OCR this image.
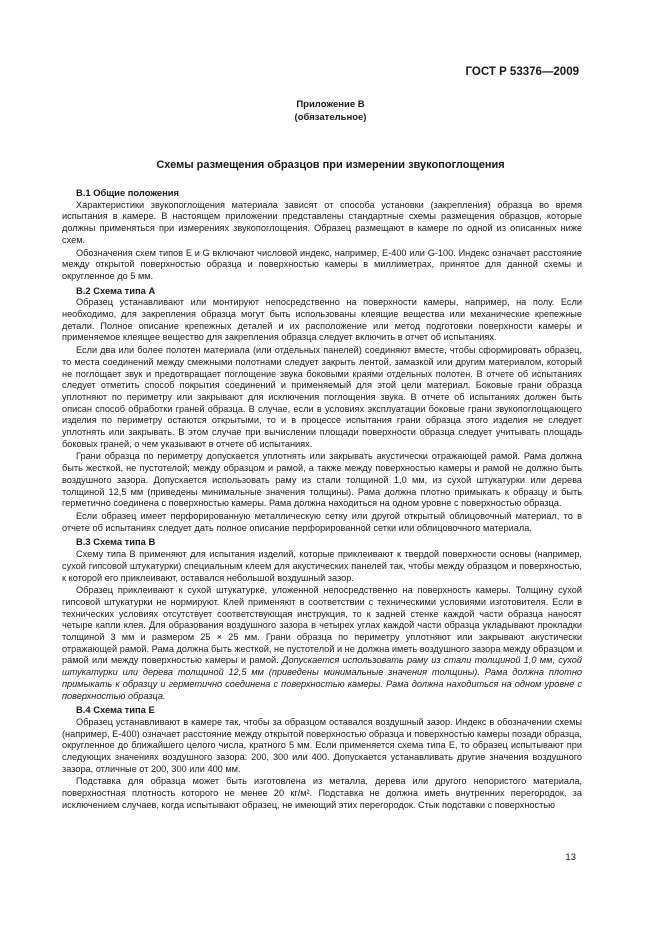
ГОСТ Р 53376—2009
Приложение В
(обязательное)
Схемы размещения образцов при измерении звукопоглощения
В.1 Общие положения

Характеристики звукопоглощения материала зависят от способа установки (закрепления) образца во время испытания в камере. В настоящем приложении представлены стандартные схемы размещения образцов, которые должны применяться при измерениях звукопоглощения. Образец размещают в камере по одной из описанных ниже схем.

Обозначения схем типов Е и G включают числовой индекс, например, Е-400 или G-100. Индекс означает расстояние между открытой поверхностью образца и поверхностью камеры в миллиметрах, принятое для данной схемы и округленное до 5 мм.

В.2 Схема типа А

Образец устанавливают или монтируют непосредственно на поверхности камеры, например, на полу. Если необходимо, для закрепления образца могут быть использованы клеящие вещества или механические крепежные детали. Полное описание крепежных деталей и их расположение или метод подготовки поверхности камеры и применяемое клеящее вещество для закрепления образца следует включить в отчет об испытаниях.

Если два или более полотен материала (или отдельных панелей) соединяют вместе, чтобы сформировать образец, то места соединений между смежными полотнами следует закрыть лентой, замазкой или другим материалом, который не поглощает звук и предотвращает поглощение звука боковыми краями отдельных полотен. В отчете об испытаниях следует отметить способ покрытия соединений и применяемый для этой цели материал. Боковые грани образца уплотняют по периметру или закрывают для исключения поглощения звука. В отчете об испытаниях должен быть описан способ обработки граней образца. В случае, если в условиях эксплуатации боковые грани звукопоглощающего изделия по периметру остаются открытыми, то и в процессе испытания грани образца этого изделия не следует уплотнять или закрывать. В этом случае при вычислении площади поверхности образца следует учитывать площадь боковых граней, о чем указывают в отчете об испытаниях.

Грани образца по периметру допускается уплотнять или закрывать акустически отражающей рамой. Рама должна быть жесткой, не пустотелой; между образцом и рамой, а также между поверхностью камеры и рамой не должно быть воздушного зазора. Допускается использовать раму из стали толщиной 1,0 мм, из сухой штукатурки или дерева толщиной 12,5 мм (приведены минимальные значения толщины). Рама должна плотно примыкать к образцу и быть герметично соединена с поверхностью камеры. Рама должна находиться на одном уровне с поверхностью образца.

Если образец имеет перфорированную металлическую сетку или другой открытый облицовочный материал, то в отчете об испытаниях следует дать полное описание перфорированной сетки или облицовочного материала.

В.3 Схема типа В

Схему типа В применяют для испытания изделий, которые приклеивают к твердой поверхности основы (например, сухой гипсовой штукатурки) специальным клеем для акустических панелей так, чтобы между образцом и поверхностью, к которой его приклеивают, оставался небольшой воздушный зазор.

Образец приклеивают к сухой штукатурке, уложенной непосредственно на поверхность камеры. Толщину сухой гипсовой штукатурки не нормируют. Клей применяют в соответствии с техническими условиями изготовителя. Если в технических условиях отсутствует соответствующая инструкция, то к задней стенке каждой части образца наносят четыре капли клея. Для образования воздушного зазора в четырех углах каждой части образца укладывают прокладки толщиной 3 мм и размером 25 × 25 мм. Грани образца по периметру уплотняют или закрывают акустически отражающей рамой. Рама должна быть жесткой, не пустотелой и не должна иметь воздушного зазора между образцом и рамой или между поверхностью камеры и рамой. Допускается использовать раму из стали толщиной 1,0 мм, сухой штукатурки или дерева толщиной 12,5 мм (приведены минимальные значения толщины). Рама должна плотно примыкать к образцу и герметично соединена с поверхностью камеры. Рама должна находиться на одном уровне с поверхностью образца.

В.4 Схема типа Е

Образец устанавливают в камере так, чтобы за образцом оставался воздушный зазор. Индекс в обозначении схемы (например, Е-400) означает расстояние между открытой поверхностью образца и поверхностью камеры позади образца, округленное до ближайшего целого числа, кратного 5 мм. Если применяется схема типа Е, то образец испытывают при следующих значениях воздушного зазора: 200, 300 или 400. Допускается устанавливать другие значения воздушного зазора, отличные от 200, 300 или 400 мм.

Подставка для образца может быть изготовлена из металла, дерева или другого непористого материала, поверхностная плотность которого не менее 20 кг/м². Подставка не должна иметь внутренних перегородок, за исключением случаев, когда испытывают образец, не имеющий этих перегородок. Стык подставки с поверхностью

13
